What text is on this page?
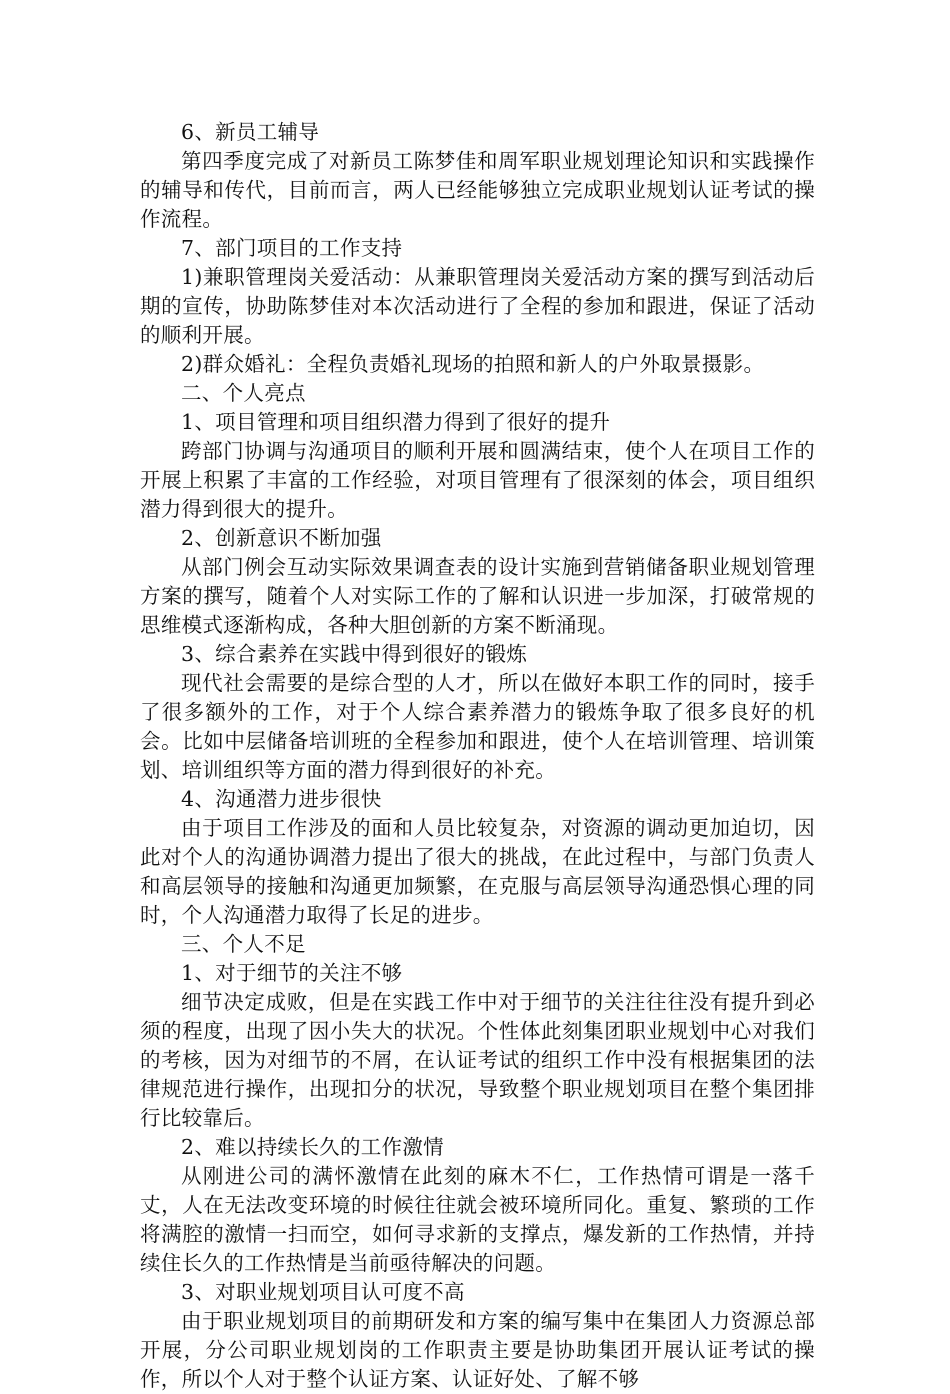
6、新员工辅导

第四季度完成了对新员工陈梦佳和周军职业规划理论知识和实践操作的辅导和传代，目前而言，两人已经能够独立完成职业规划认证考试的操作流程。

7、部门项目的工作支持

1)兼职管理岗关爱活动：从兼职管理岗关爱活动方案的撰写到活动后期的宣传，协助陈梦佳对本次活动进行了全程的参加和跟进，保证了活动的顺利开展。

2)群众婚礼：全程负责婚礼现场的拍照和新人的户外取景摄影。

二、个人亮点

1、项目管理和项目组织潜力得到了很好的提升

跨部门协调与沟通项目的顺利开展和圆满结束，使个人在项目工作的开展上积累了丰富的工作经验，对项目管理有了很深刻的体会，项目组织潜力得到很大的提升。

2、创新意识不断加强

从部门例会互动实际效果调查表的设计实施到营销储备职业规划管理方案的撰写，随着个人对实际工作的了解和认识进一步加深，打破常规的思维模式逐渐构成，各种大胆创新的方案不断涌现。

3、综合素养在实践中得到很好的锻炼

现代社会需要的是综合型的人才，所以在做好本职工作的同时，接手了很多额外的工作，对于个人综合素养潜力的锻炼争取了很多良好的机会。比如中层储备培训班的全程参加和跟进，使个人在培训管理、培训策划、培训组织等方面的潜力得到很好的补充。

4、沟通潜力进步很快

由于项目工作涉及的面和人员比较复杂，对资源的调动更加迫切，因此对个人的沟通协调潜力提出了很大的挑战，在此过程中，与部门负责人和高层领导的接触和沟通更加频繁，在克服与高层领导沟通恐惧心理的同时，个人沟通潜力取得了长足的进步。

三、个人不足

1、对于细节的关注不够

细节决定成败，但是在实践工作中对于细节的关注往往没有提升到必须的程度，出现了因小失大的状况。个性体此刻集团职业规划中心对我们的考核，因为对细节的不屑，在认证考试的组织工作中没有根据集团的法律规范进行操作，出现扣分的状况，导致整个职业规划项目在整个集团排行比较靠后。

2、难以持续长久的工作激情

从刚进公司的满怀激情在此刻的麻木不仁，工作热情可谓是一落千丈，人在无法改变环境的时候往往就会被环境所同化。重复、繁琐的工作将满腔的激情一扫而空，如何寻求新的支撑点，爆发新的工作热情，并持续住长久的工作热情是当前亟待解决的问题。

3、对职业规划项目认可度不高

由于职业规划项目的前期研发和方案的编写集中在集团人力资源总部开展，分公司职业规划岗的工作职责主要是协助集团开展认证考试的操作，所以个人对于整个认证方案、认证好处、了解不够
